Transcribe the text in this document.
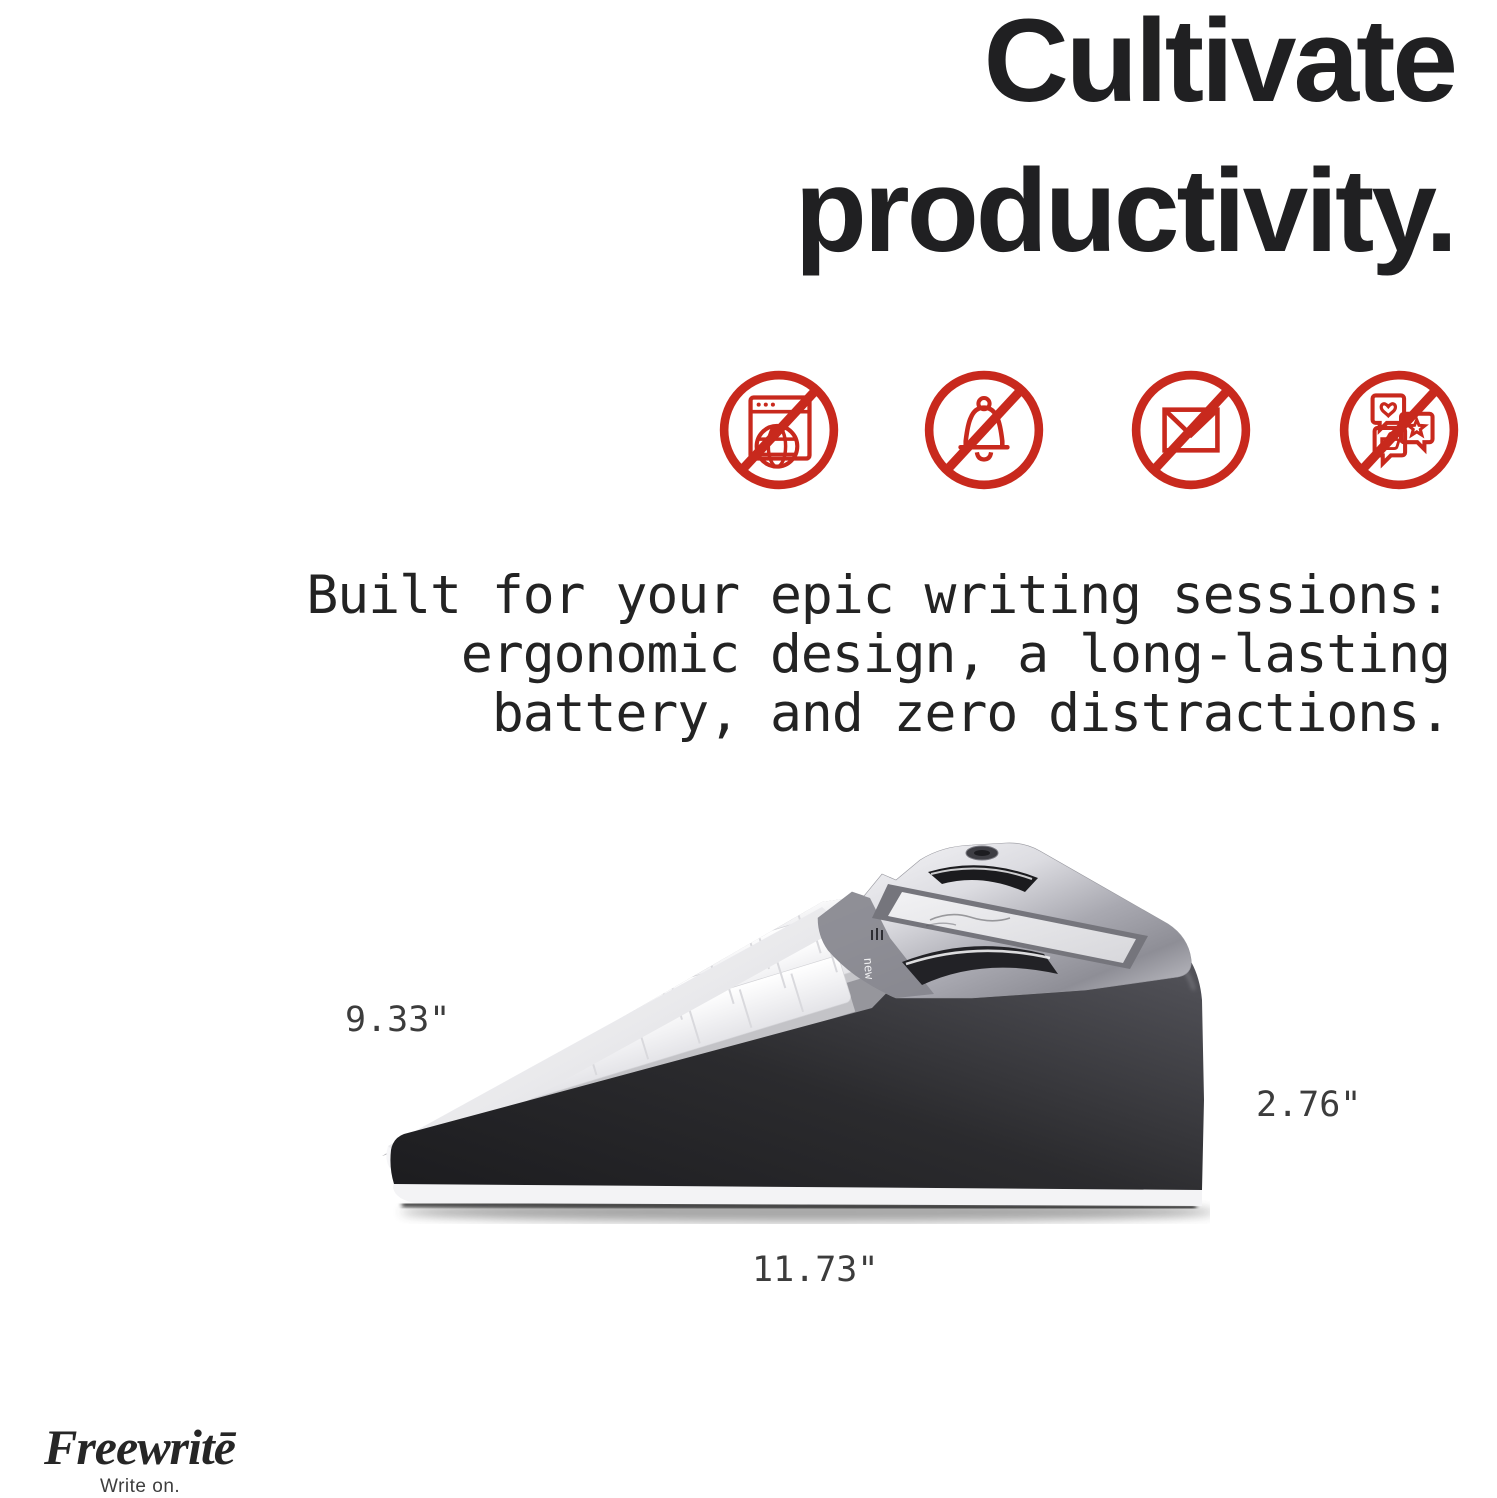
Cultivate
productivity.
Built for your epic writing sessions:
ergonomic design, a long-lasting
battery, and zero distractions.
new
9.33"
2.76"
11.73"
Freewritē
Write on.
